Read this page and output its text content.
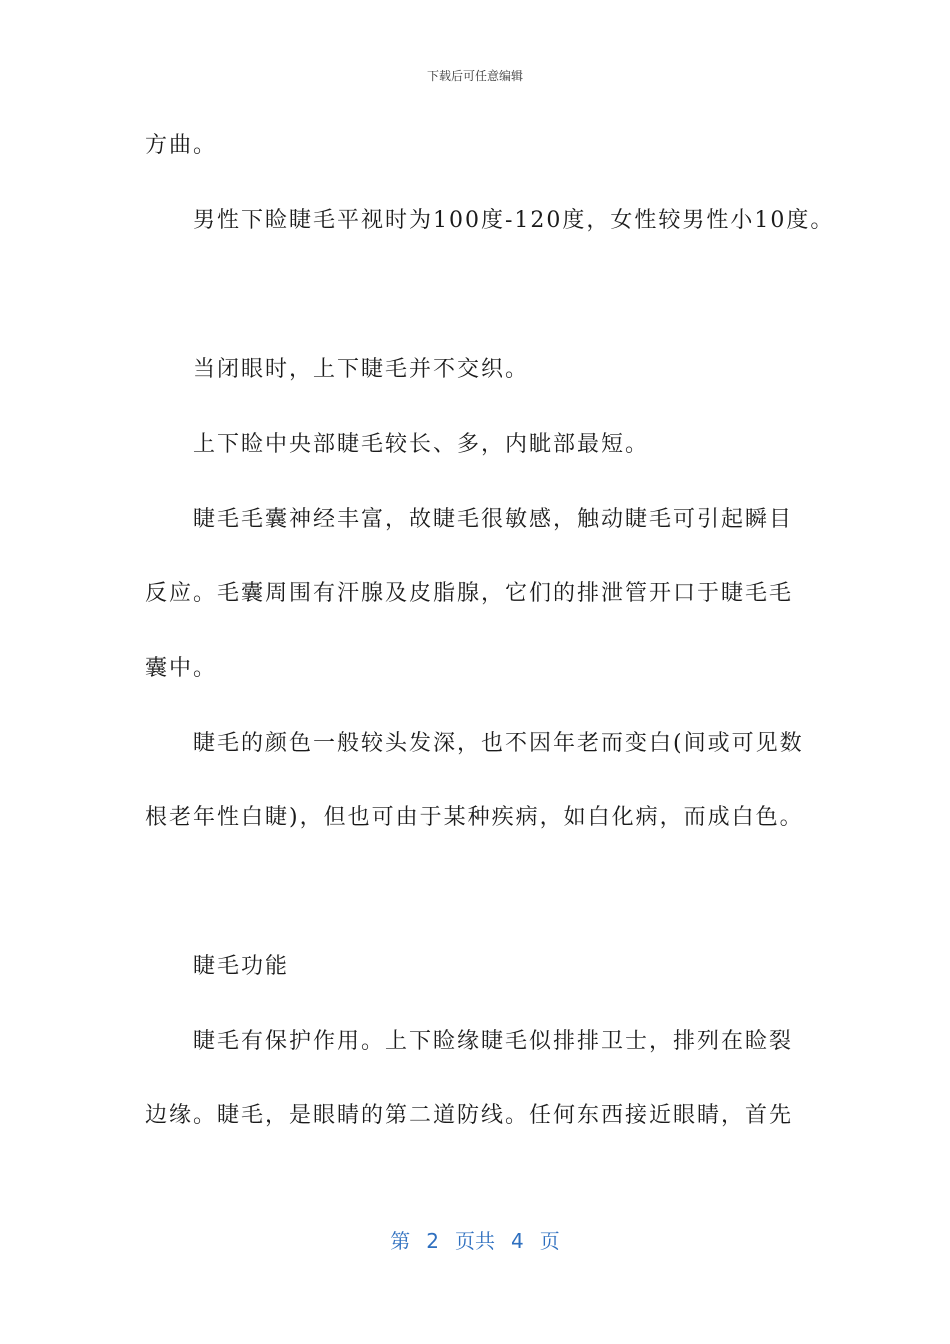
下载后可任意编辑
方曲。
男性下睑睫毛平视时为100度-120度，女性较男性小10度。
当闭眼时，上下睫毛并不交织。
上下睑中央部睫毛较长、多，内眦部最短。
睫毛毛囊神经丰富，故睫毛很敏感，触动睫毛可引起瞬目
反应。毛囊周围有汗腺及皮脂腺，它们的排泄管开口于睫毛毛
囊中。
睫毛的颜色一般较头发深，也不因年老而变白(间或可见数
根老年性白睫)，但也可由于某种疾病，如白化病，而成白色。
睫毛功能
睫毛有保护作用。上下睑缘睫毛似排排卫士，排列在睑裂
边缘。睫毛，是眼睛的第二道防线。任何东西接近眼睛，首先
第 2 页共 4 页
